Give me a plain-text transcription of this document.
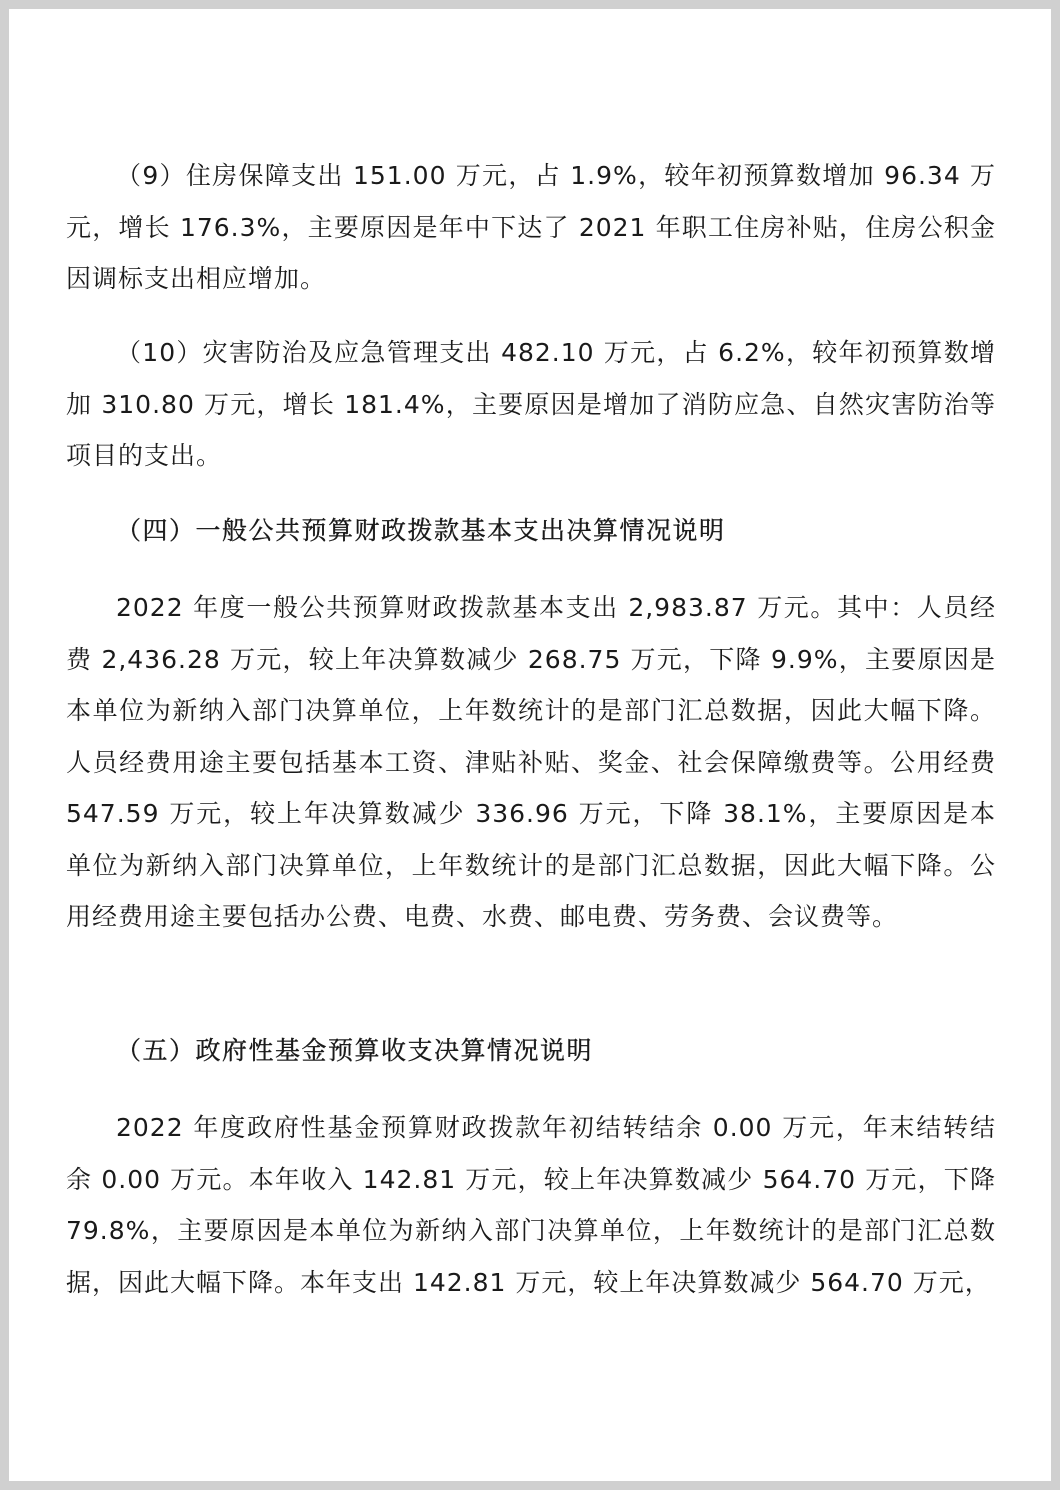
（9）住房保障支出 151.00 万元，占 1.9%，较年初预算数增加 96.34 万元，增长 176.3%，主要原因是年中下达了 2021 年职工住房补贴，住房公积金因调标支出相应增加。

（10）灾害防治及应急管理支出 482.10 万元，占 6.2%，较年初预算数增加 310.80 万元，增长 181.4%，主要原因是增加了消防应急、自然灾害防治等项目的支出。

（四）一般公共预算财政拨款基本支出决算情况说明

2022 年度一般公共预算财政拨款基本支出 2,983.87 万元。其中：人员经费 2,436.28 万元，较上年决算数减少 268.75 万元，下降 9.9%，主要原因是本单位为新纳入部门决算单位，上年数统计的是部门汇总数据，因此大幅下降。人员经费用途主要包括基本工资、津贴补贴、奖金、社会保障缴费等。公用经费 547.59 万元，较上年决算数减少 336.96 万元，下降 38.1%，主要原因是本单位为新纳入部门决算单位，上年数统计的是部门汇总数据，因此大幅下降。公用经费用途主要包括办公费、电费、水费、邮电费、劳务费、会议费等。

（五）政府性基金预算收支决算情况说明

2022 年度政府性基金预算财政拨款年初结转结余 0.00 万元，年末结转结余 0.00 万元。本年收入 142.81 万元，较上年决算数减少 564.70 万元，下降 79.8%，主要原因是本单位为新纳入部门决算单位，上年数统计的是部门汇总数据，因此大幅下降。本年支出 142.81 万元，较上年决算数减少 564.70 万元，
